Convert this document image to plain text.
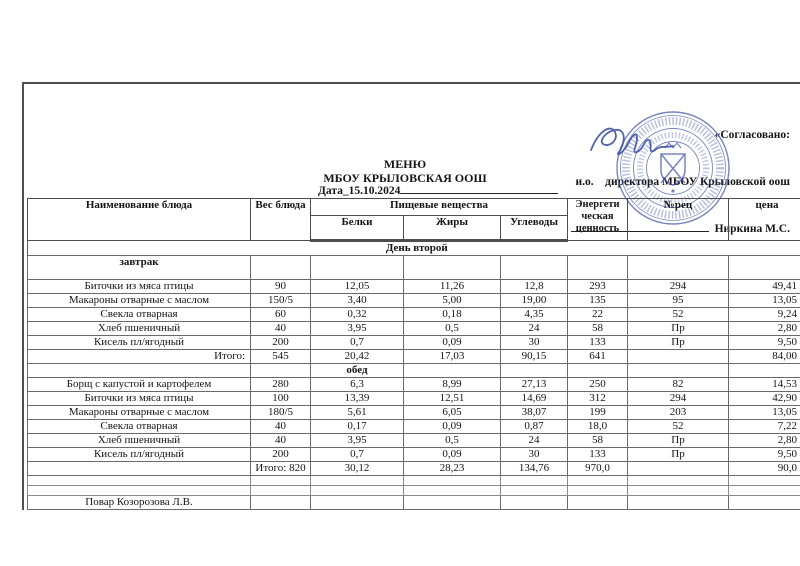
«Согласовано:

и.о.    директора МБОУ Крыловской оош

Ниркина М.С.

МЕНЮ
МБОУ КРЫЛОВСКАЯ ООШ
Дата_15.10.2024
Наименование блюда	Вес блюда	Пищевые вещества			Энергети ческая ценность	№рец	цена
		Белки	Жиры	Углеводы			
День второй							
завтрак							
Биточки из мяса птицы	90	12,05	11,26	12,8	293	294	49,41
Макароны отварные с маслом	150/5	3,40	5,00	19,00	135	95	13,05
Свекла отварная	60	0,32	0,18	4,35	22	52	9,24
Хлеб пшеничный	40	3,95	0,5	24	58	Пр	2,80
Кисель пл/ягодный	200	0,7	0,09	30	133	Пр	9,50
Итого:	545	20,42	17,03	90,15	641		84,00
		обед					
Борщ с капустой и картофелем	280	6,3	8,99	27,13	250	82	14,53
Биточки из мяса птицы	100	13,39	12,51	14,69	312	294	42,90
Макароны отварные с маслом	180/5	5,61	6,05	38,07	199	203	13,05
Свекла отварная	40	0,17	0,09	0,87	18,0	52	7,22
Хлеб пшеничный	40	3,95	0,5	24	58	Пр	2,80
Кисель пл/ягодный	200	0,7	0,09	30	133	Пр	9,50
	Итого: 820	30,12	28,23	134,76	970,0		90,0

Повар Козорозова Л.В.							
